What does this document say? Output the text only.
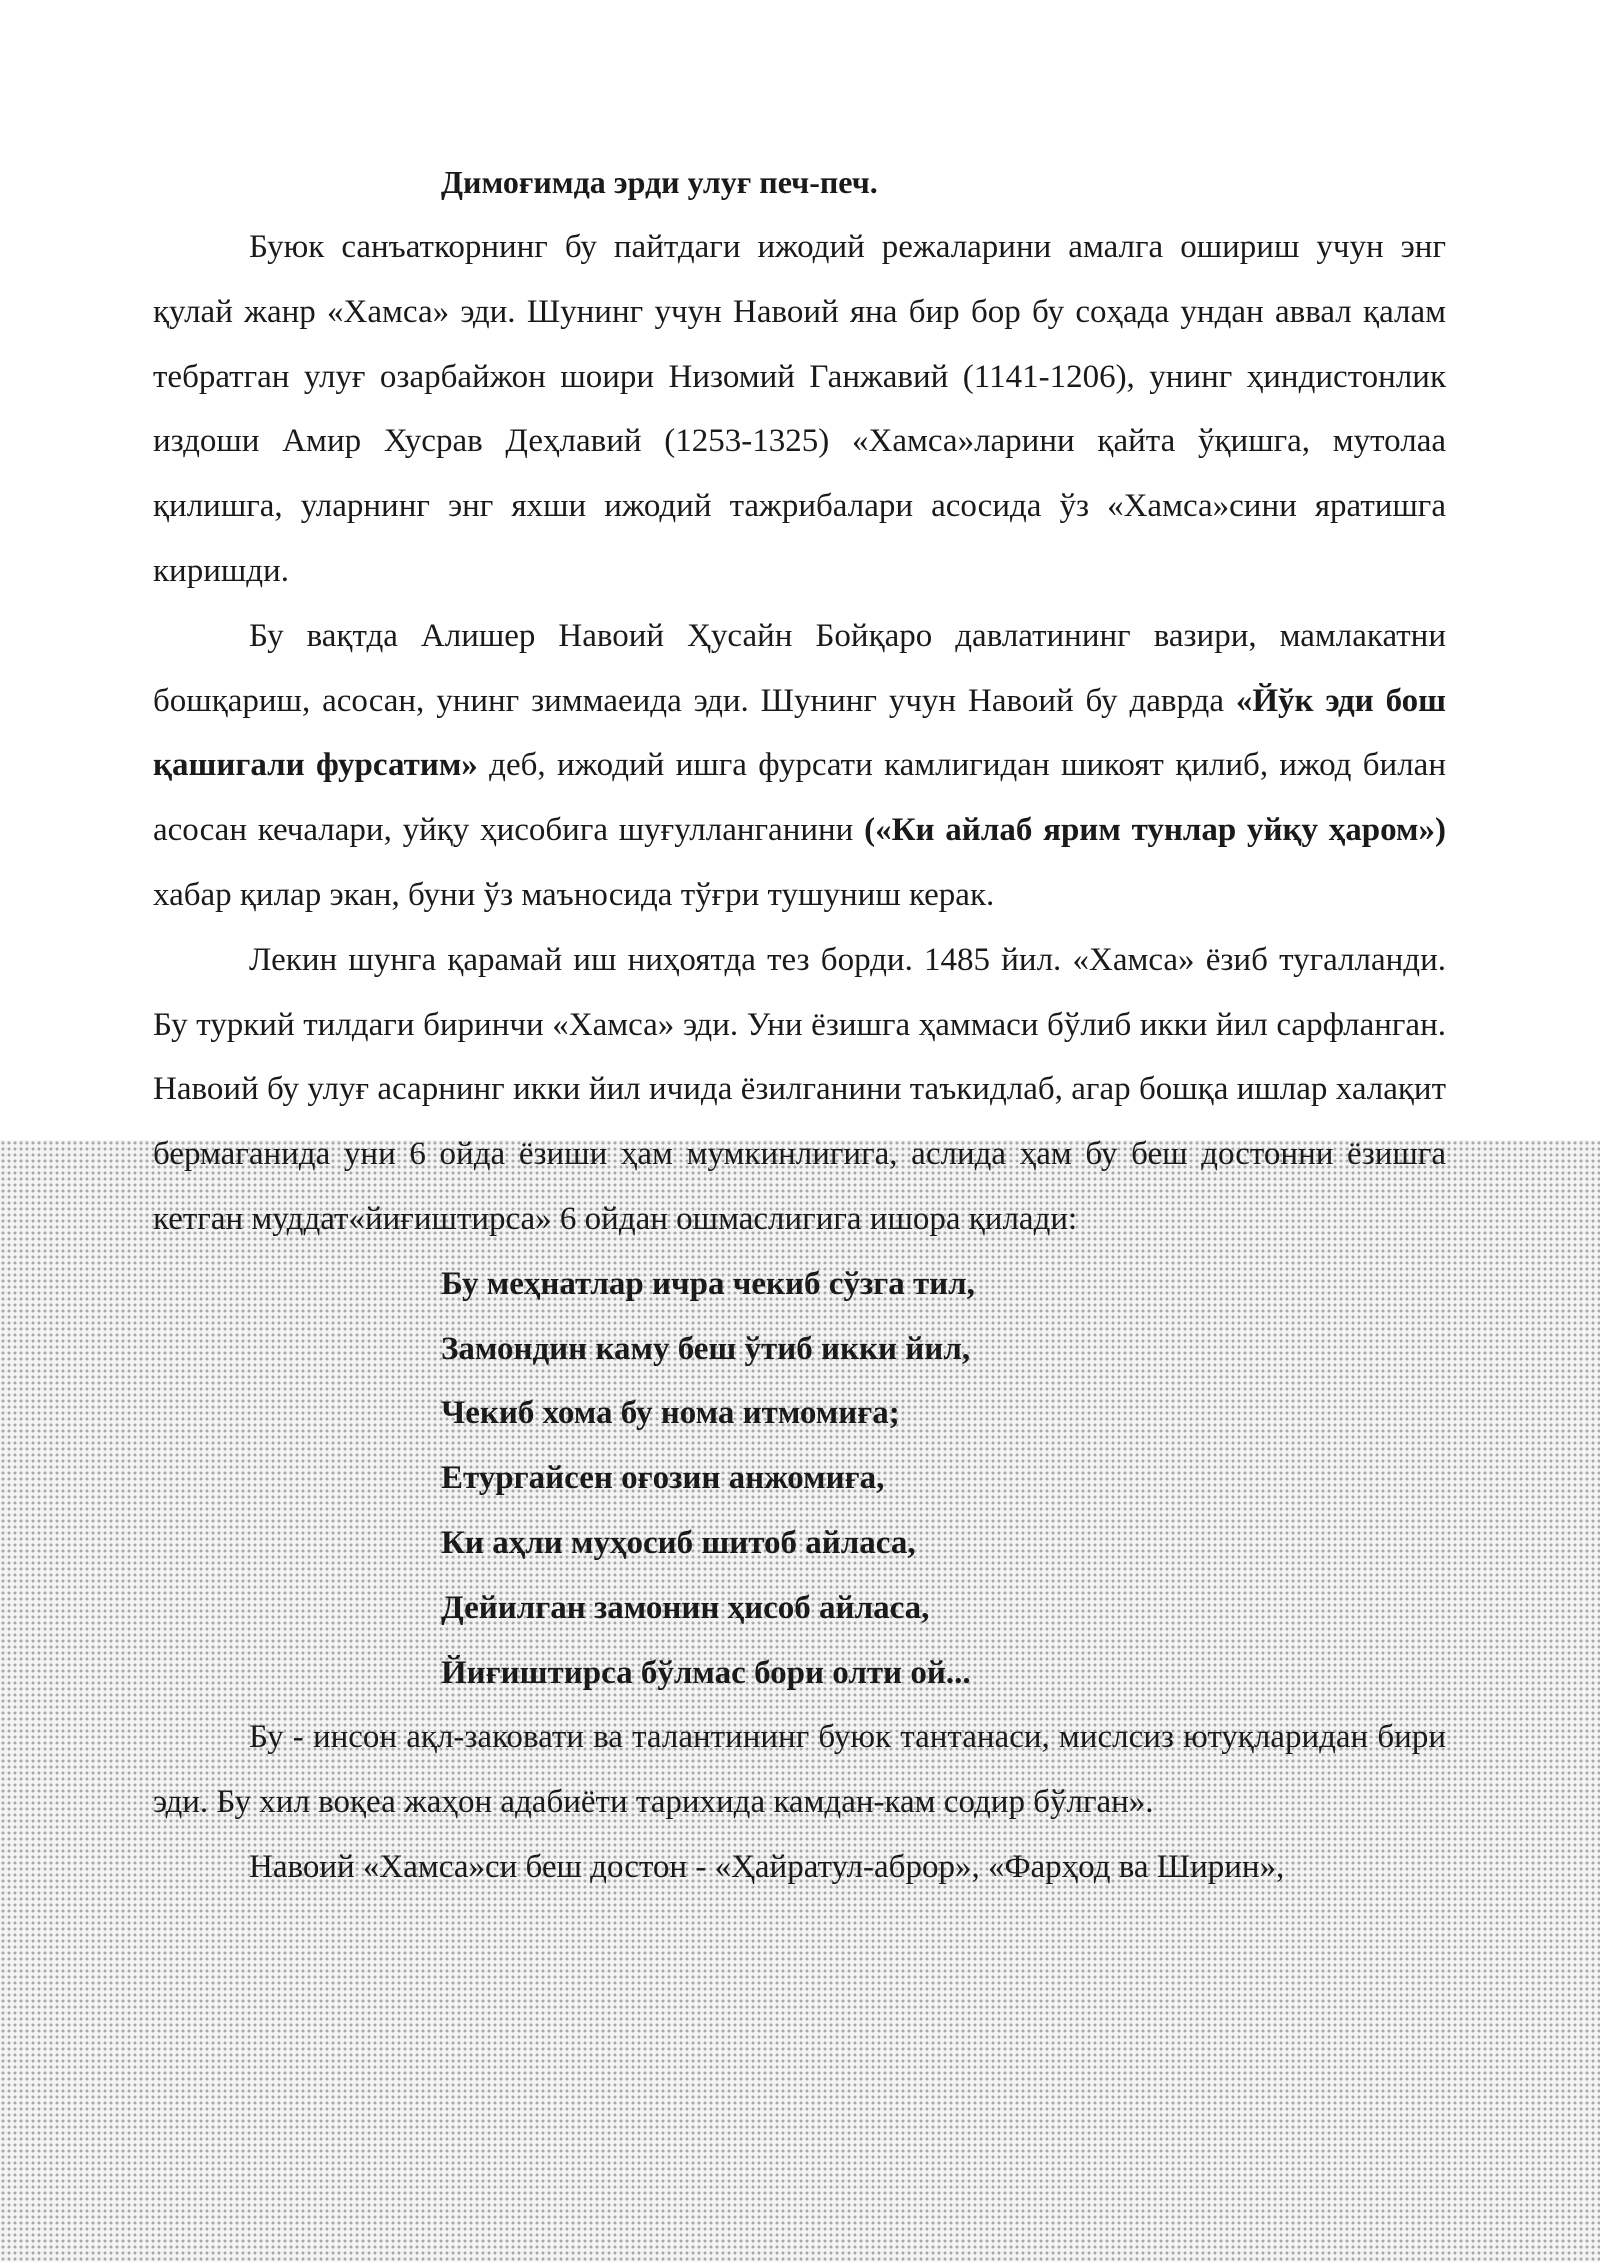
Димоғимда эрди улуғ печ-печ.

Буюк санъаткорнинг бу пайтдаги ижодий режаларини амалга ошириш учун энг қулай жанр «Хамса» эди. Шунинг учун Навоий яна бир бор бу соҳада ундан аввал қалам тебратган улуғ озарбайжон шоири Низомий Ганжавий (1141-1206), унинг ҳиндистонлик издоши Амир Хусрав Деҳлавий (1253-1325) «Хамса»ларини қайта ўқишга, мутолаа қилишга, уларнинг энг яхши ижодий тажрибалари асосида ўз «Хамса»сини яратишга киришди.

Бу вақтда Алишер Навоий Ҳусайн Бойқаро давлатининг вазири, мамлакатни бошқариш, асосан, унинг зиммаеида эди. Шунинг учун Навоий бу даврда «Йўк эди бош қашигали фурсатим» деб, ижодий ишга фурсати камлигидан шикоят қилиб, ижод билан асосан кечалари, уйқу ҳисобига шуғулланганини («Ки айлаб ярим тунлар уйқу ҳаром») хабар қилар экан, буни ўз маъносида тўғри тушуниш керак.

Лекин шунга қарамай иш ниҳоятда тез борди. 1485 йил. «Хамса» ёзиб тугалланди. Бу туркий тилдаги биринчи «Хамса» эди. Уни ёзишга ҳаммаси бўлиб икки йил сарфланган. Навоий бу улуғ асарнинг икки йил ичида ёзилганини таъкидлаб, агар бошқа ишлар халақит бермаганида уни 6 ойда ёзиши ҳам мумкинлигига, аслида ҳам бу беш достонни ёзишга кетган муддат«йиғиштирса» 6 ойдан ошмаслигига ишора қилади:

Бу меҳнатлар ичра чекиб сўзга тил,
Замондин каму беш ўтиб икки йил,
Чекиб хома бу нома итмомиға;
Етургайсен оғозин анжомиға,
Ки аҳли муҳосиб шитоб айласа,
Дейилган замонин ҳисоб айласа,
Йиғиштирса бўлмас бори олти ой...

Бу - инсон ақл-заковати ва талантининг буюк тантанаси, мислсиз ютуқларидан бири эди. Бу хил воқеа жаҳон адабиёти тарихида камдан-кам содир бўлган».

Навоий «Хамса»си беш достон - «Ҳайратул-аброр», «Фарҳод ва Ширин»,
